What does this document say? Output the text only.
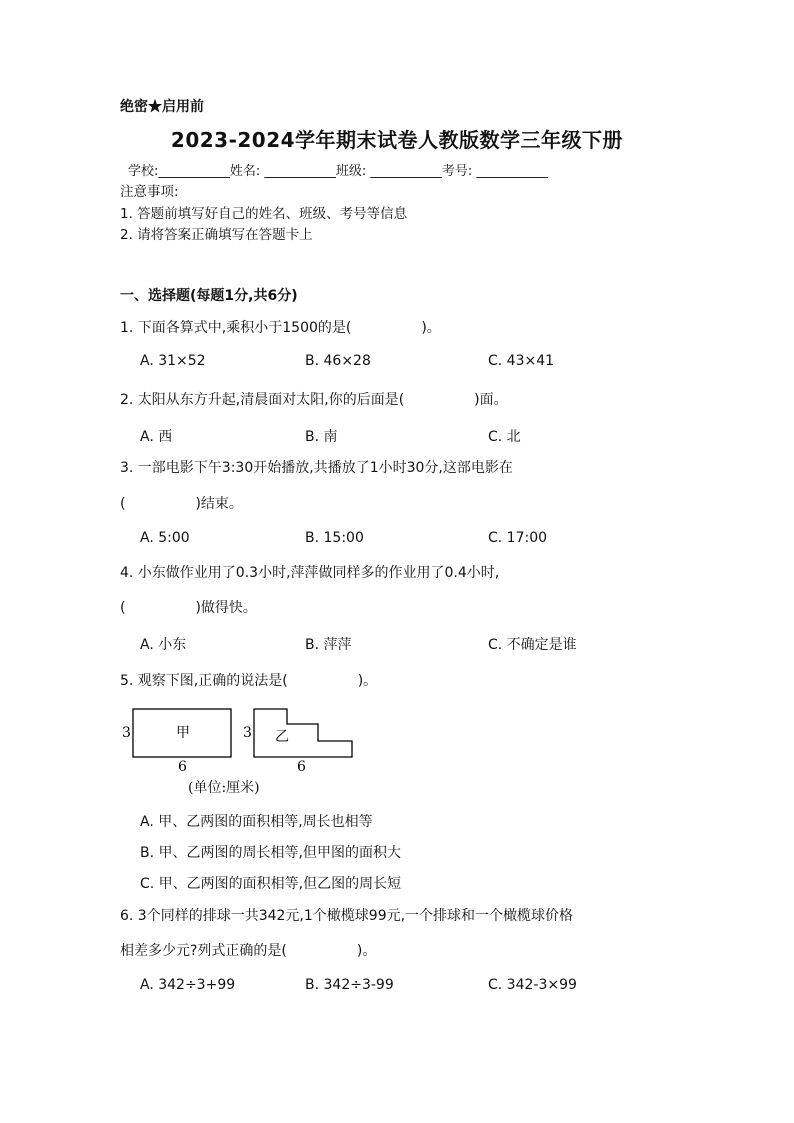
绝密★启用前
2023-2024学年期末试卷人教版数学三年级下册
学校:___________姓名: ___________班级: ___________考号: ___________
注意事项:
1. 答题前填写好自己的姓名、班级、考号等信息
2. 请将答案正确填写在答题卡上
一、选择题(每题1分,共6分)
1. 下面各算式中,乘积小于1500的是(　　　　　)。
A. 31×52	B. 46×28	C. 43×41
2. 太阳从东方升起,清晨面对太阳,你的后面是(　　　　　)面。
A. 西	B. 南	C. 北
3. 一部电影下午3:30开始播放,共播放了1小时30分,这部电影在
(　　　　　)结束。
A. 5:00	B. 15:00	C. 17:00
4. 小东做作业用了0.3小时,萍萍做同样多的作业用了0.4小时,
(　　　　　)做得快。
A. 小东	B. 萍萍	C. 不确定是谁
5. 观察下图,正确的说法是(　　　　　)。
3	甲
6
3 乙
6
(单位:厘米)
A. 甲、乙两图的面积相等,周长也相等
B. 甲、乙两图的周长相等,但甲图的面积大
C. 甲、乙两图的面积相等,但乙图的周长短
6. 3个同样的排球一共342元,1个橄榄球99元,一个排球和一个橄榄球价格
相差多少元?列式正确的是(　　　　　)。
A. 342÷3+99	B. 342÷3-99	C. 342-3×99
